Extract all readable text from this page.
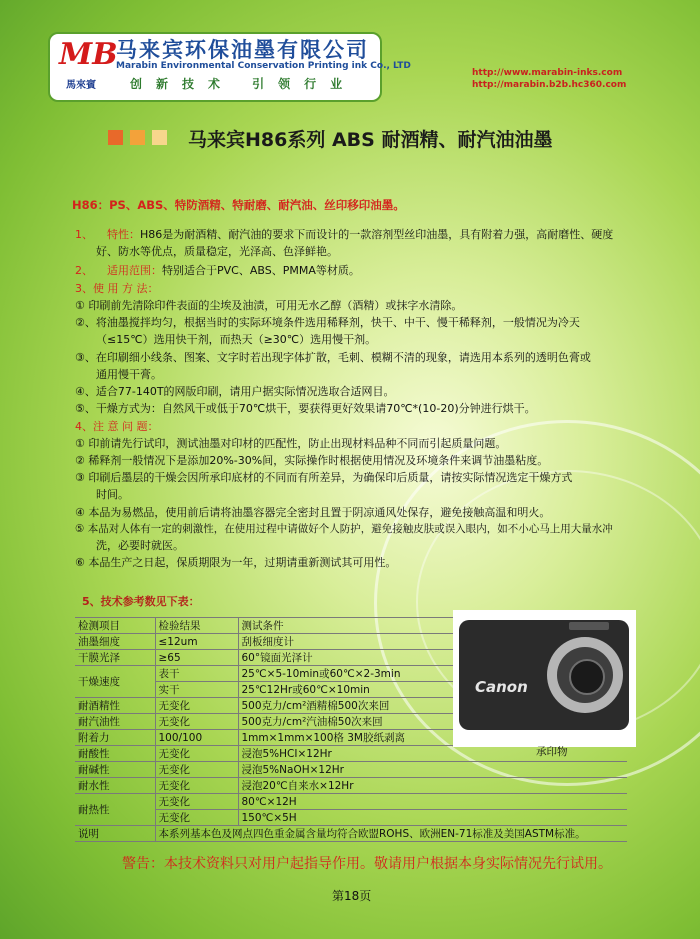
MB
馬來賓
马来宾环保油墨有限公司
Marabin Environmental Conservation Printing ink Co., LTD
创新技术 引领行业
http://www.marabin-inks.com
http://marabin.b2b.hc360.com
马来宾H86系列 ABS 耐酒精、耐汽油油墨
H86：PS、ABS、特防酒精、特耐磨、耐汽油、丝印移印油墨。
1、 特性：H86是为耐酒精、耐汽油的要求下而设计的一款溶剂型丝印油墨，具有附着力强，高耐磨性、硬度
好、防水等优点，质量稳定，光泽高、色泽鲜艳。
2、 适用范围：特别适合于PVC、ABS、PMMA等材质。
3、使 用 方 法：
① 印刷前先清除印件表面的尘埃及油渍，可用无水乙醇（酒精）或抹字水清除。
②、将油墨搅拌均匀，根据当时的实际环境条件选用稀释剂，快干、中干、慢干稀释剂，一般情况为冷天
（≤15℃）选用快干剂，而热天（≥30℃）选用慢干剂。
③、在印刷细小线条、图案、文字时若出现字体扩散，毛刺、模糊不清的现象，请选用本系列的透明色膏或
通用慢干膏。
④、适合77-140T的网版印刷，请用户据实际情况选取合适网目。
⑤、干燥方式为：自然风干或低于70℃烘干，要获得更好效果请70℃*(10-20)分钟进行烘干。
4、注 意 问 题：
① 印前请先行试印，测试油墨对印材的匹配性，防止出现材料品种不同而引起质量问题。
② 稀释剂一般情况下是添加20%-30%间，实际操作时根据使用情况及环境条件来调节油墨粘度。
③ 印刷后墨层的干燥会因所承印底材的不同而有所差异，为确保印后质量，请按实际情况选定干燥方式
时间。
④ 本品为易燃品，使用前后请将油墨容器完全密封且置于阴凉通风处保存，避免接触高温和明火。
⑤ 本品对人体有一定的刺激性，在使用过程中请做好个人防护，避免接触皮肤或误入眼内，如不小心马上用大量水冲
洗，必要时就医。
⑥ 本品生产之日起，保质期限为一年，过期请重新测试其可用性。
5、技术参考数见下表：
检测项目	检验结果	测试条件
油墨细度	≤12um	刮板细度计
干膜光泽	≥65	60°镜面光泽计
干燥速度	表干	25℃×5-10min或60℃×2-3min
	实干	25℃12Hr或60℃×10min
耐酒精性	无变化	500克力/cm²酒精棉500次来回
耐汽油性	无变化	500克力/cm²汽油棉50次来回
附着力	100/100	1mm×1mm×100格 3M胶纸剥离
耐酸性	无变化	浸泡5%HCI×12Hr
耐碱性	无变化	浸泡5%NaOH×12Hr
耐水性	无变化	浸泡20℃自来水×12Hr
耐热性	无变化	80℃×12H
	无变化	150℃×5H
说明	本系列基本色及网点四色重金属含量均符合欧盟ROHS、欧洲EN-71标准及美国ASTM标准。	
Canon
承印物
警告：本技术资料只对用户起指导作用。敬请用户根据本身实际情况先行试用。
第18页
